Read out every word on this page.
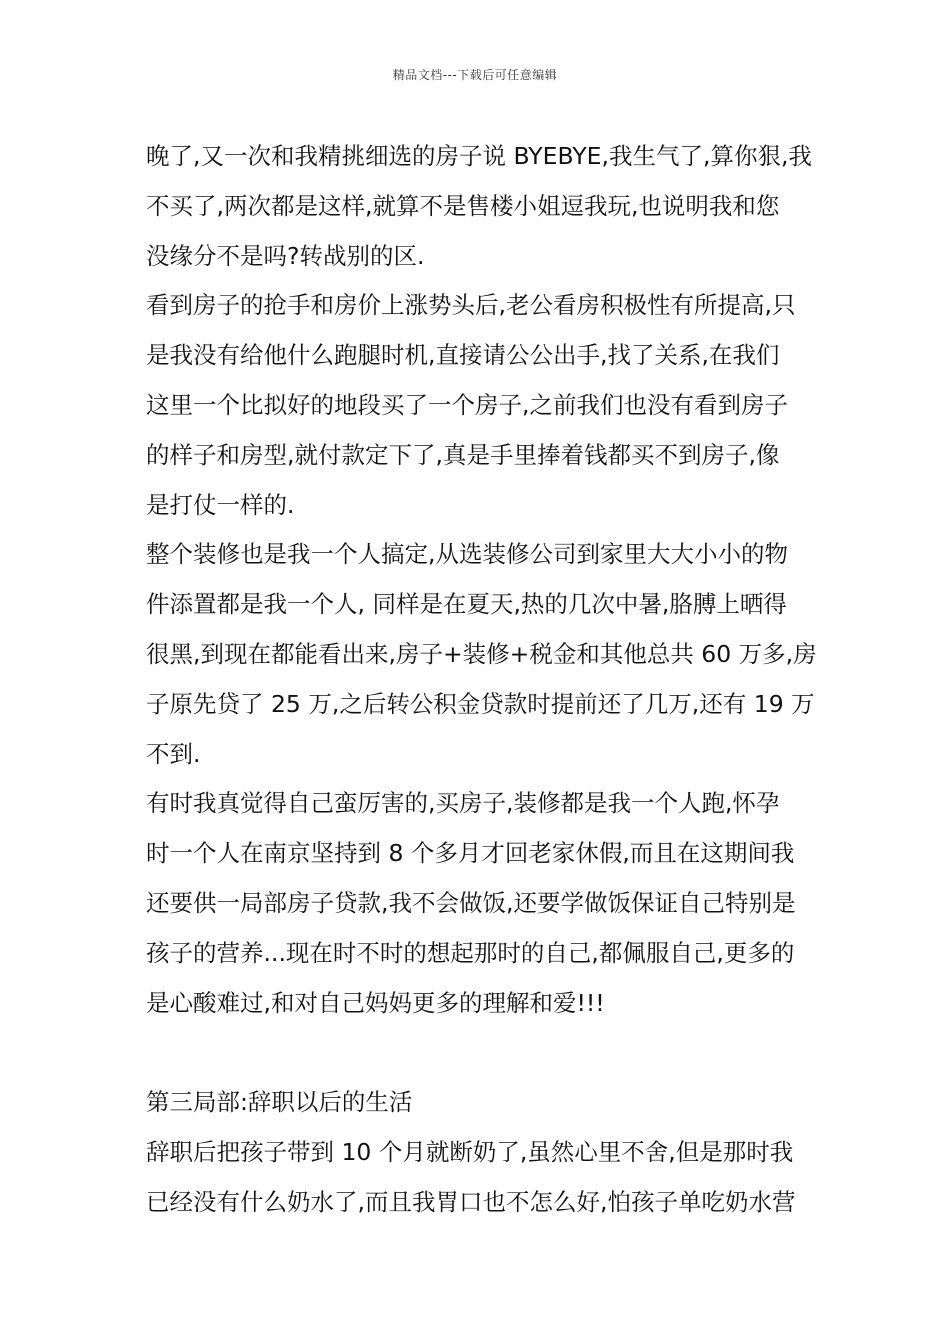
精品文档---下载后可任意编辑
晚了,又一次和我精挑细选的房子说 BYEBYE,我生气了,算你狠,我
不买了,两次都是这样,就算不是售楼小姐逗我玩,也说明我和您
没缘分不是吗?转战别的区.
看到房子的抢手和房价上涨势头后,老公看房积极性有所提高,只
是我没有给他什么跑腿时机,直接请公公出手,找了关系,在我们
这里一个比拟好的地段买了一个房子,之前我们也没有看到房子
的样子和房型,就付款定下了,真是手里捧着钱都买不到房子,像
是打仗一样的.
整个装修也是我一个人搞定,从选装修公司到家里大大小小的物
件添置都是我一个人, 同样是在夏天,热的几次中暑,胳膊上晒得
很黑,到现在都能看出来,房子+装修+税金和其他总共 60 万多,房
子原先贷了 25 万,之后转公积金贷款时提前还了几万,还有 19 万
不到.
有时我真觉得自己蛮厉害的,买房子,装修都是我一个人跑,怀孕
时一个人在南京坚持到 8 个多月才回老家休假,而且在这期间我
还要供一局部房子贷款,我不会做饭,还要学做饭保证自己特别是
孩子的营养...现在时不时的想起那时的自己,都佩服自己,更多的
是心酸难过,和对自己妈妈更多的理解和爱!!!
第三局部:辞职以后的生活
辞职后把孩子带到 10 个月就断奶了,虽然心里不舍,但是那时我
已经没有什么奶水了,而且我胃口也不怎么好,怕孩子单吃奶水营
